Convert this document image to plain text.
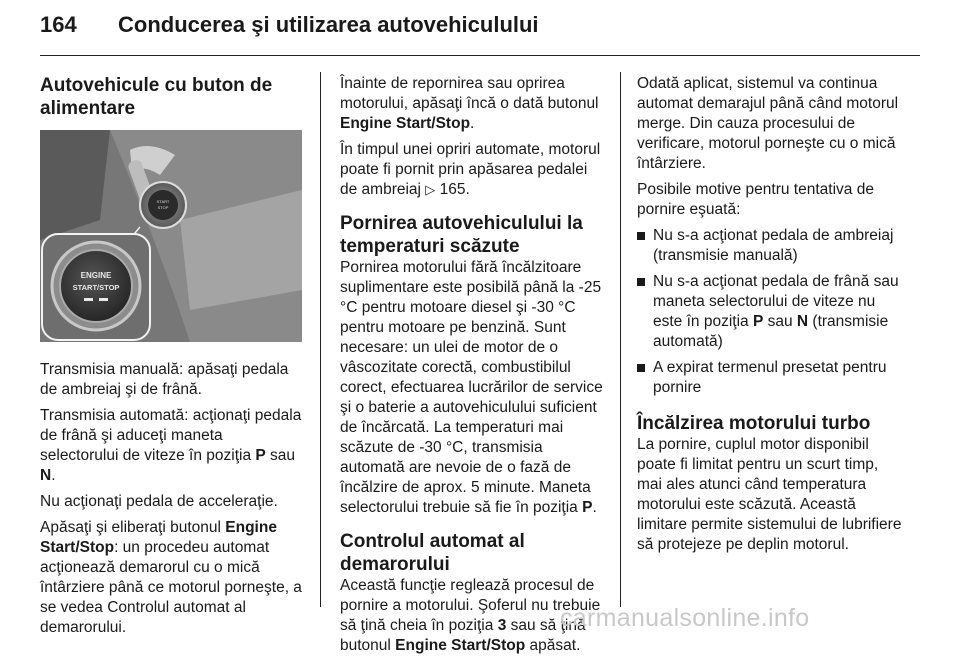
164 Conducerea şi utilizarea autovehiculului
Autovehicule cu buton de alimentare
START
STOP
ENGINE
START/STOP

Transmisia manuală: apăsaţi pedala de ambreiaj şi de frână.

Transmisia automată: acţionaţi pedala de frână şi aduceţi maneta selectorului de viteze în poziţia P sau N.

Nu acţionaţi pedala de acceleraţie.

Apăsaţi şi eliberaţi butonul Engine Start/Stop: un procedeu automat acţionează demarorul cu o mică întârziere până ce motorul porneşte, a se vedea Controlul automat al demarorului.

Înainte de repornirea sau oprirea motorului, apăsaţi încă o dată butonul Engine Start/Stop.

În timpul unei opriri automate, motorul poate fi pornit prin apăsarea pedalei de ambreiaj ▷ 165.

Pornirea autovehiculului la temperaturi scăzute

Pornirea motorului fără încălzitoare suplimentare este posibilă până la -25 °C pentru motoare diesel şi -30 °C pentru motoare pe benzină. Sunt necesare: un ulei de motor de o vâscozitate corectă, combustibilul corect, efectuarea lucrărilor de service şi o baterie a autovehiculului suficient de încărcată. La temperaturi mai scăzute de -30 °C, transmisia automată are nevoie de o fază de încălzire de aprox. 5 minute. Maneta selectorului trebuie să fie în poziţia P.

Controlul automat al demarorului

Această funcţie reglează procesul de pornire a motorului. Şoferul nu trebuie să ţină cheia în poziţia 3 sau să ţină butonul Engine Start/Stop apăsat.

Odată aplicat, sistemul va continua automat demarajul până când motorul merge. Din cauza procesului de verificare, motorul porneşte cu o mică întârziere.

Posibile motive pentru tentativa de pornire eşuată:

Nu s-a acţionat pedala de ambreiaj (transmisie manuală)
Nu s-a acţionat pedala de frână sau maneta selectorului de viteze nu este în poziţia P sau N (transmisie automată)
A expirat termenul presetat pentru pornire
Încălzirea motorului turbo

La pornire, cuplul motor disponibil poate fi limitat pentru un scurt timp, mai ales atunci când temperatura motorului este scăzută. Această limitare permite sistemului de lubrifiere să protejeze pe deplin motorul.

carmanualsonline.info
